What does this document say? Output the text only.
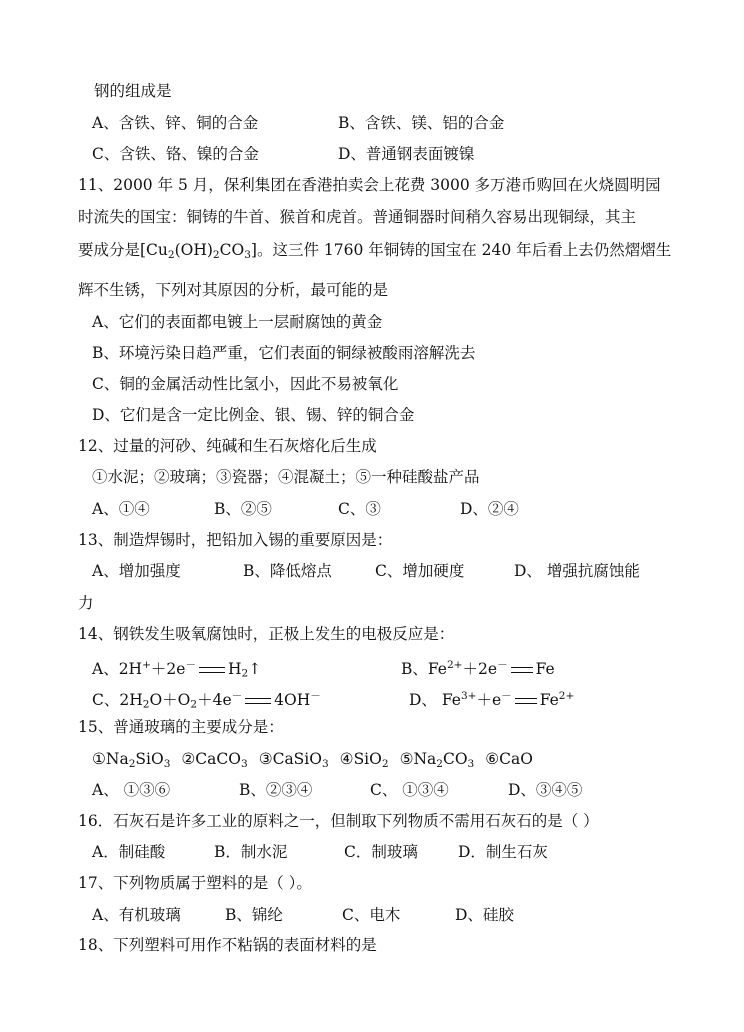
钢的组成是
A、含铁、锌、铜的合金	B、含铁、镁、铝的合金
C、含铁、铬、镍的合金	D、普通钢表面镀镍
11、2000 年 5 月，保利集团在香港拍卖会上花费 3000 多万港币购回在火烧圆明园
时流失的国宝：铜铸的牛首、猴首和虎首。普通铜器时间稍久容易出现铜绿，其主
要成分是$[Cu_2(OH)_2CO_3]$。这三件 1760 年铜铸的国宝在 240 年后看上去仍然熠熠生
辉不生锈，下列对其原因的分析，最可能的是
A、它们的表面都电镀上一层耐腐蚀的黄金
B、环境污染日趋严重，它们表面的铜绿被酸雨溶解洗去
C、铜的金属活动性比氢小，因此不易被氧化
D、它们是含一定比例金、银、锡、锌的铜合金
12、过量的河砂、纯碱和生石灰熔化后生成
①水泥；②玻璃；③瓷器；④混凝土；⑤一种硅酸盐产品
A、①④	B、②⑤	C、③	D、②④
13、制造焊锡时，把铅加入锡的重要原因是：
A、增加强度	B、降低熔点	C、增加硬度	D、 增强抗腐蚀能
力
14、钢铁发生吸氧腐蚀时，正极上发生的电极反应是：
A、2H+＋2e－ $H_2↑$	B、$Fe^{2+}+2e^-$ Fe
C、$2H_2O+O_2+4e^-$ 4OH－	D、 $Fe^{3+}+e^-$ $Fe^{2+}$
15、普通玻璃的主要成分是：
$①Na_2SiO_3$ ②CaCO$_3$ ③CaSiO$_3$ ④SiO$_2$ $⑤Na_2CO_3$ ⑥CaO
A、 ①③⑥	B、②③④	C、 ①③④	D、③④⑤
16．石灰石是许多工业的原料之一，但制取下列物质不需用石灰石的是（ ）
A．制硅酸	B．制水泥	C．制玻璃	D．制生石灰
17、下列物质属于塑料的是（ ）。
A、有机玻璃	B、锦纶	C、电木	D、硅胶
18、下列塑料可用作不粘锅的表面材料的是
